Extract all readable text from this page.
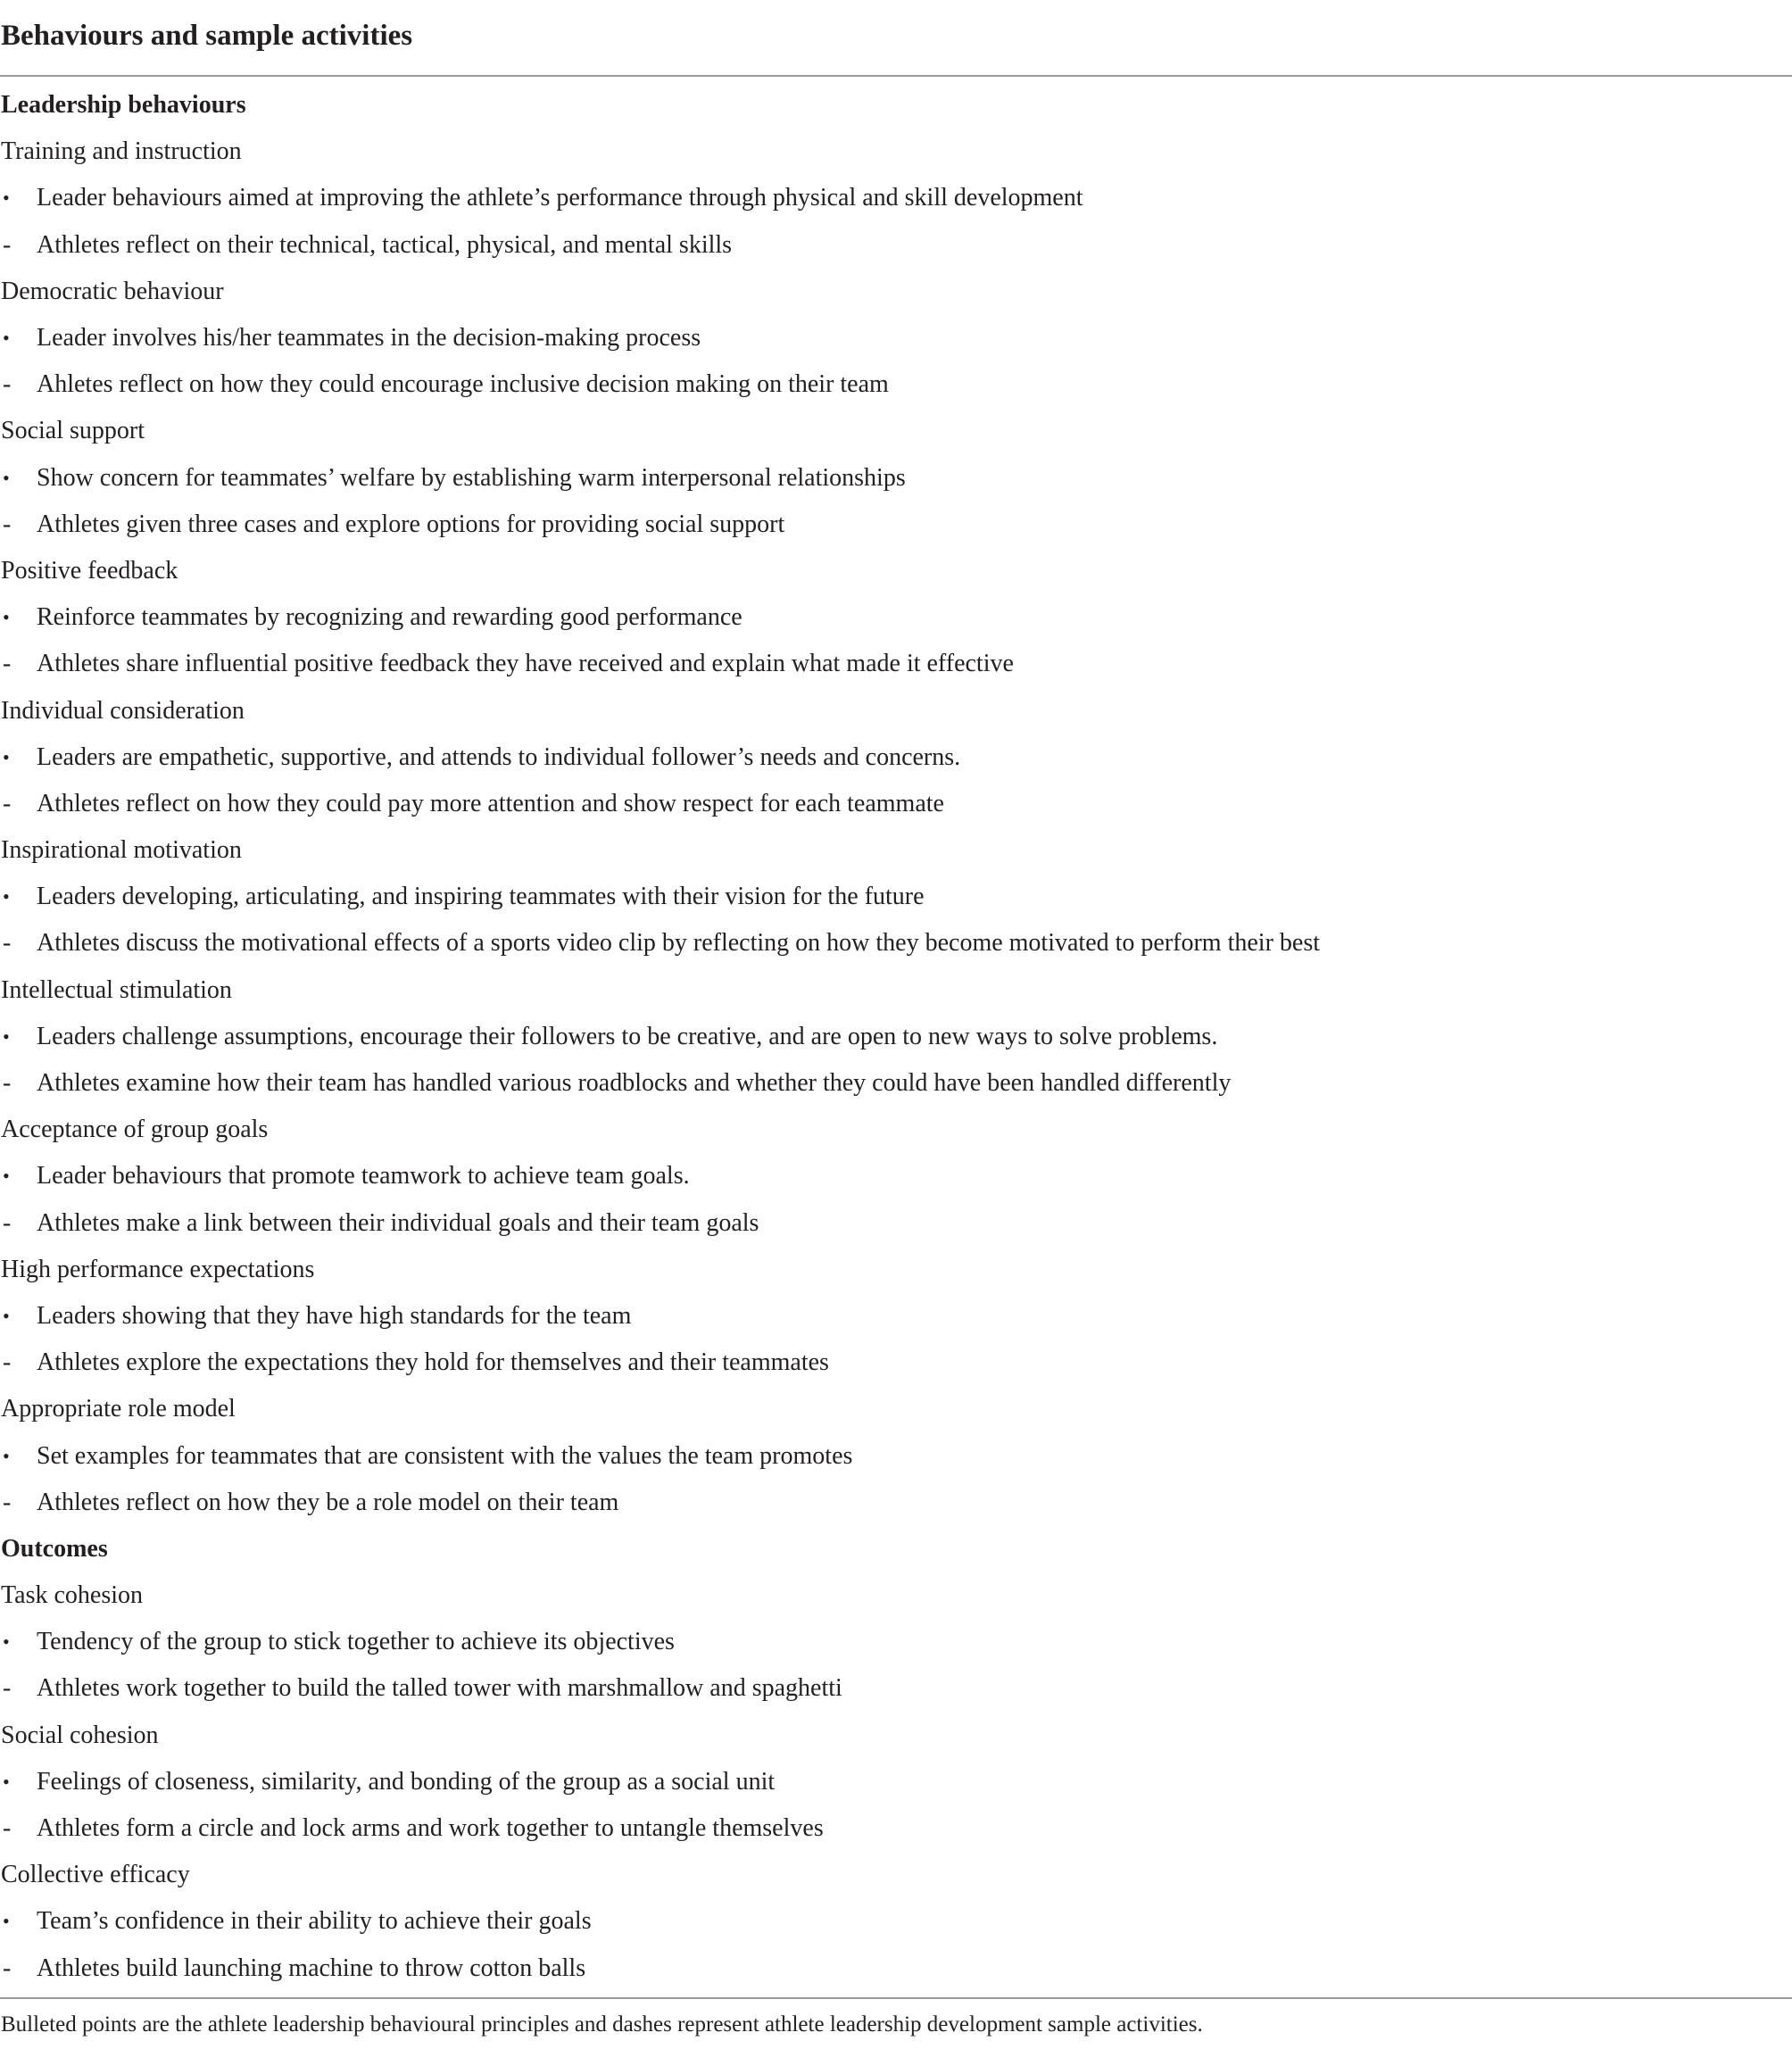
Behaviours and sample activities
Leadership behaviours
Training and instruction
•	Leader behaviours aimed at improving the athlete’s performance through physical and skill development
-	Athletes reflect on their technical, tactical, physical, and mental skills
Democratic behaviour
•	Leader involves his/her teammates in the decision-making process
-	Ahletes reflect on how they could encourage inclusive decision making on their team
Social support
•	Show concern for teammates’ welfare by establishing warm interpersonal relationships
-	Athletes given three cases and explore options for providing social support
Positive feedback
•	Reinforce teammates by recognizing and rewarding good performance
-	Athletes share influential positive feedback they have received and explain what made it effective
Individual consideration
•	Leaders are empathetic, supportive, and attends to individual follower’s needs and concerns.
-	Athletes reflect on how they could pay more attention and show respect for each teammate
Inspirational motivation
•	Leaders developing, articulating, and inspiring teammates with their vision for the future
-	Athletes discuss the motivational effects of a sports video clip by reflecting on how they become motivated to perform their best
Intellectual stimulation
•	Leaders challenge assumptions, encourage their followers to be creative, and are open to new ways to solve problems.
-	Athletes examine how their team has handled various roadblocks and whether they could have been handled differently
Acceptance of group goals
•	Leader behaviours that promote teamwork to achieve team goals.
-	Athletes make a link between their individual goals and their team goals
High performance expectations
•	Leaders showing that they have high standards for the team
-	Athletes explore the expectations they hold for themselves and their teammates
Appropriate role model
•	Set examples for teammates that are consistent with the values the team promotes
-	Athletes reflect on how they be a role model on their team
Outcomes
Task cohesion
•	Tendency of the group to stick together to achieve its objectives
-	Athletes work together to build the talled tower with marshmallow and spaghetti
Social cohesion
•	Feelings of closeness, similarity, and bonding of the group as a social unit
-	Athletes form a circle and lock arms and work together to untangle themselves
Collective efficacy
•	Team’s confidence in their ability to achieve their goals
-	Athletes build launching machine to throw cotton balls
Bulleted points are the athlete leadership behavioural principles and dashes represent athlete leadership development sample activities.
